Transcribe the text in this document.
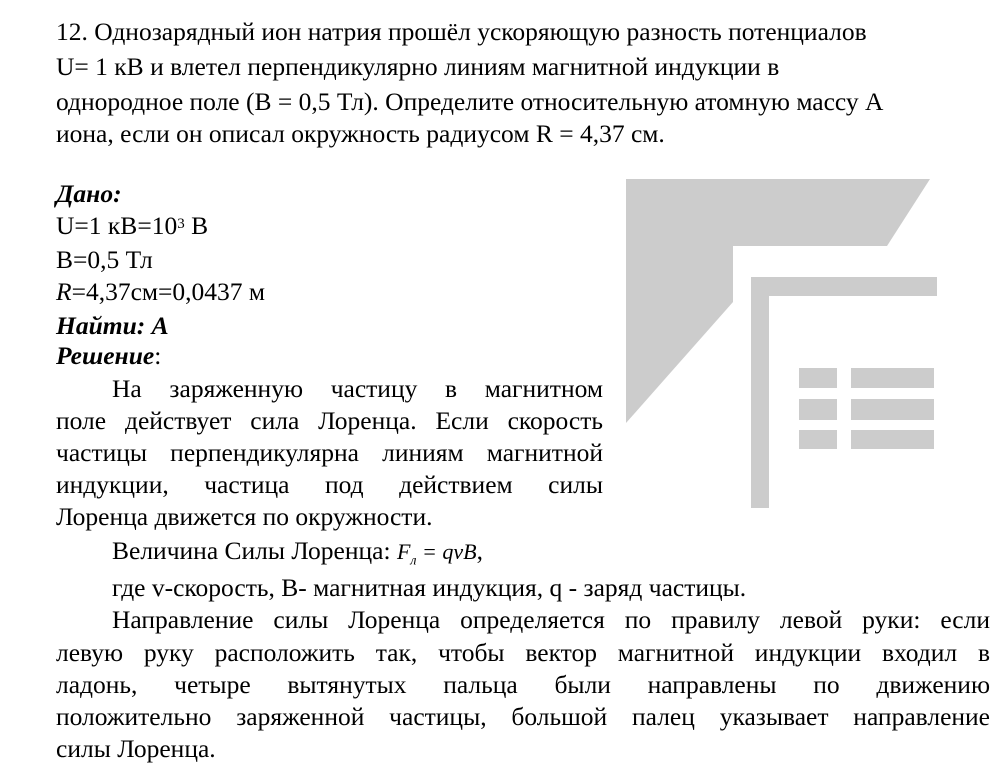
12. Однозарядный ион натрия прошёл ускоряющую разность потенциалов
U= 1 кВ и влетел перпендикулярно линиям магнитной индукции в
однородное поле (В = 0,5 Тл). Определите относительную атомную массу А
иона, если он описал окружность радиусом R = 4,37 см.
Дано:
U=1 $кВ=10^3$ В
В=0,5 Тл
R=4,37см=0,0437 м
Найти: А
Решение:
На заряженную частицу в магнитном
поле действует сила Лоренца. Если скорость
частицы перпендикулярна линиям магнитной
индукции, частица под действием силы
Лоренца движется по окружности.
Величина Силы Лоренца: $F_л$ = qvB,
где v-скорость, В- магнитная индукция, q - заряд частицы.
Направление силы Лоренца определяется по правилу левой руки: если
левую руку расположить так, чтобы вектор магнитной индукции входил в
ладонь, четыре вытянутых пальца были направлены по движению
положительно заряженной частицы, большой палец указывает направление
силы Лоренца.
